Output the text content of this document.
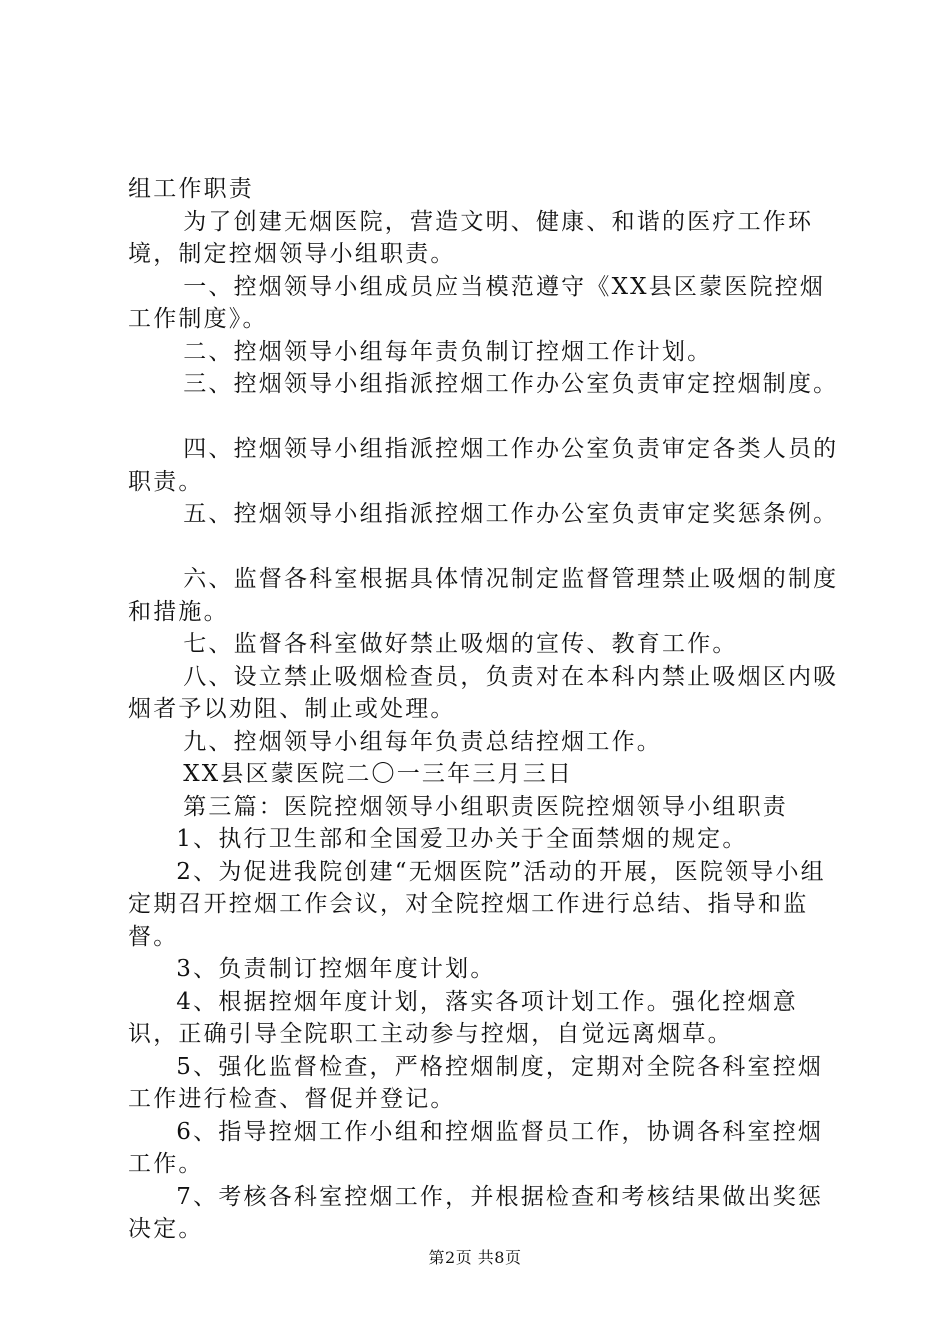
组工作职责

为了创建无烟医院，营造文明、健康、和谐的医疗工作环境，制定控烟领导小组职责。

一、控烟领导小组成员应当模范遵守《XX县区蒙医院控烟工作制度》。

二、控烟领导小组每年责负制订控烟工作计划。

三、控烟领导小组指派控烟工作办公室负责审定控烟制度。

四、控烟领导小组指派控烟工作办公室负责审定各类人员的职责。

五、控烟领导小组指派控烟工作办公室负责审定奖惩条例。

六、监督各科室根据具体情况制定监督管理禁止吸烟的制度和措施。

七、监督各科室做好禁止吸烟的宣传、教育工作。

八、设立禁止吸烟检查员，负责对在本科内禁止吸烟区内吸烟者予以劝阻、制止或处理。

九、控烟领导小组每年负责总结控烟工作。

XX县区蒙医院二〇一三年三月三日

第三篇：医院控烟领导小组职责医院控烟领导小组职责

1、执行卫生部和全国爱卫办关于全面禁烟的规定。

2、为促进我院创建“无烟医院”活动的开展，医院领导小组定期召开控烟工作会议，对全院控烟工作进行总结、指导和监督。

3、负责制订控烟年度计划。

4、根据控烟年度计划，落实各项计划工作。强化控烟意识，正确引导全院职工主动参与控烟，自觉远离烟草。

5、强化监督检查，严格控烟制度，定期对全院各科室控烟工作进行检查、督促并登记。

6、指导控烟工作小组和控烟监督员工作，协调各科室控烟工作。

7、考核各科室控烟工作，并根据检查和考核结果做出奖惩决定。

第2页 共8页
